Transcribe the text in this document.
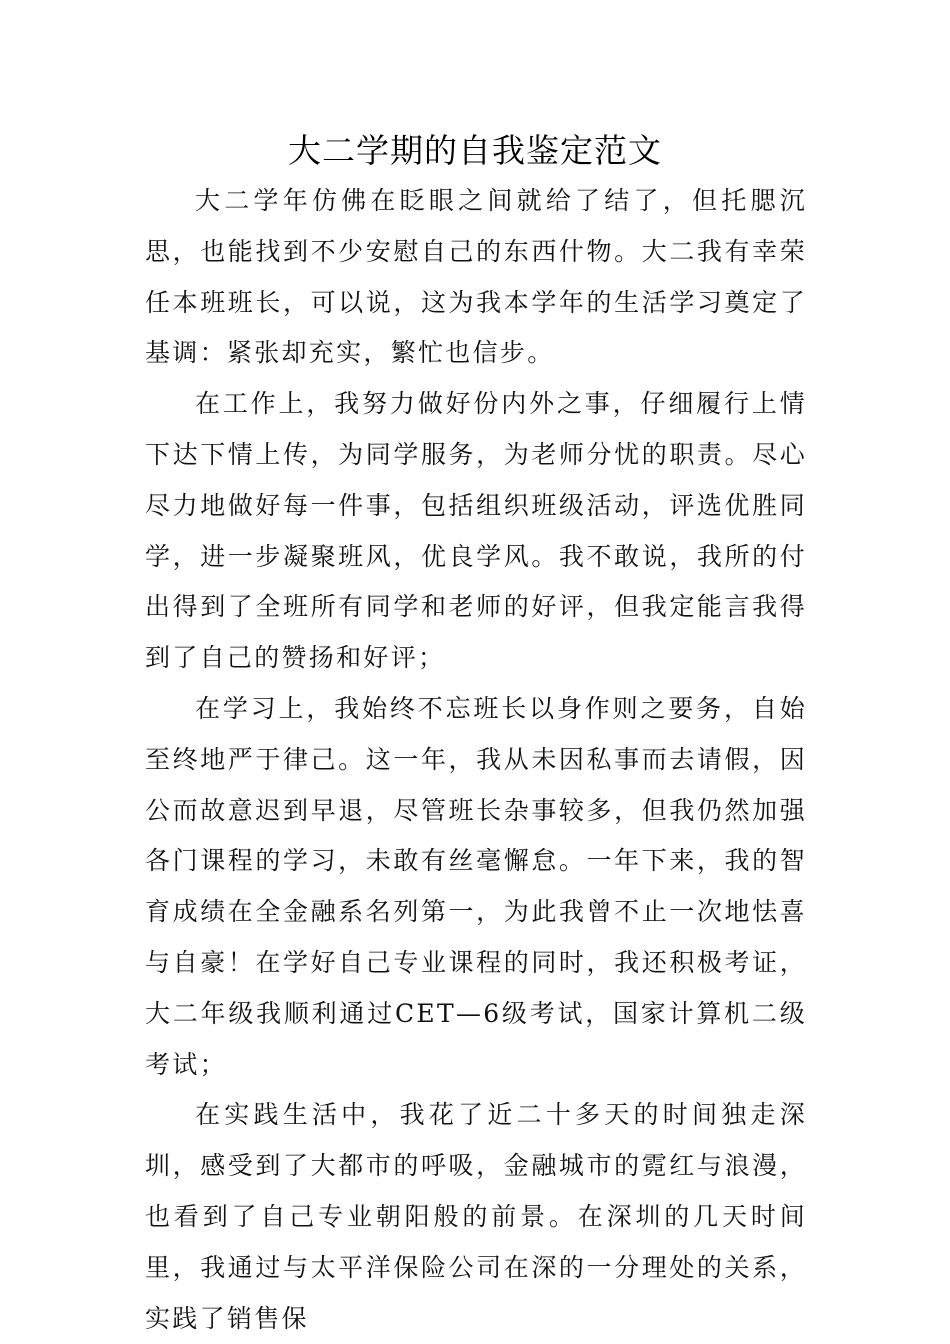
大二学期的自我鉴定范文

大二学年仿佛在眨眼之间就给了结了，但托腮沉思，也能找到不少安慰自己的东西什物。大二我有幸荣任本班班长，可以说，这为我本学年的生活学习奠定了基调：紧张却充实，繁忙也信步。

在工作上，我努力做好份内外之事，仔细履行上情下达下情上传，为同学服务，为老师分忧的职责。尽心尽力地做好每一件事，包括组织班级活动，评选优胜同学，进一步凝聚班风，优良学风。我不敢说，我所的付出得到了全班所有同学和老师的好评，但我定能言我得到了自己的赞扬和好评；

在学习上，我始终不忘班长以身作则之要务，自始至终地严于律己。这一年，我从未因私事而去请假，因公而故意迟到早退，尽管班长杂事较多，但我仍然加强各门课程的学习，未敢有丝毫懈怠。一年下来，我的智育成绩在全金融系名列第一，为此我曾不止一次地怯喜与自豪！在学好自己专业课程的同时，我还积极考证，大二年级我顺利通过CET—6级考试，国家计算机二级考试；

在实践生活中，我花了近二十多天的时间独走深圳，感受到了大都市的呼吸，金融城市的霓红与浪漫，也看到了自己专业朝阳般的前景。在深圳的几天时间里，我通过与太平洋保险公司在深的一分理处的关系，实践了销售保
